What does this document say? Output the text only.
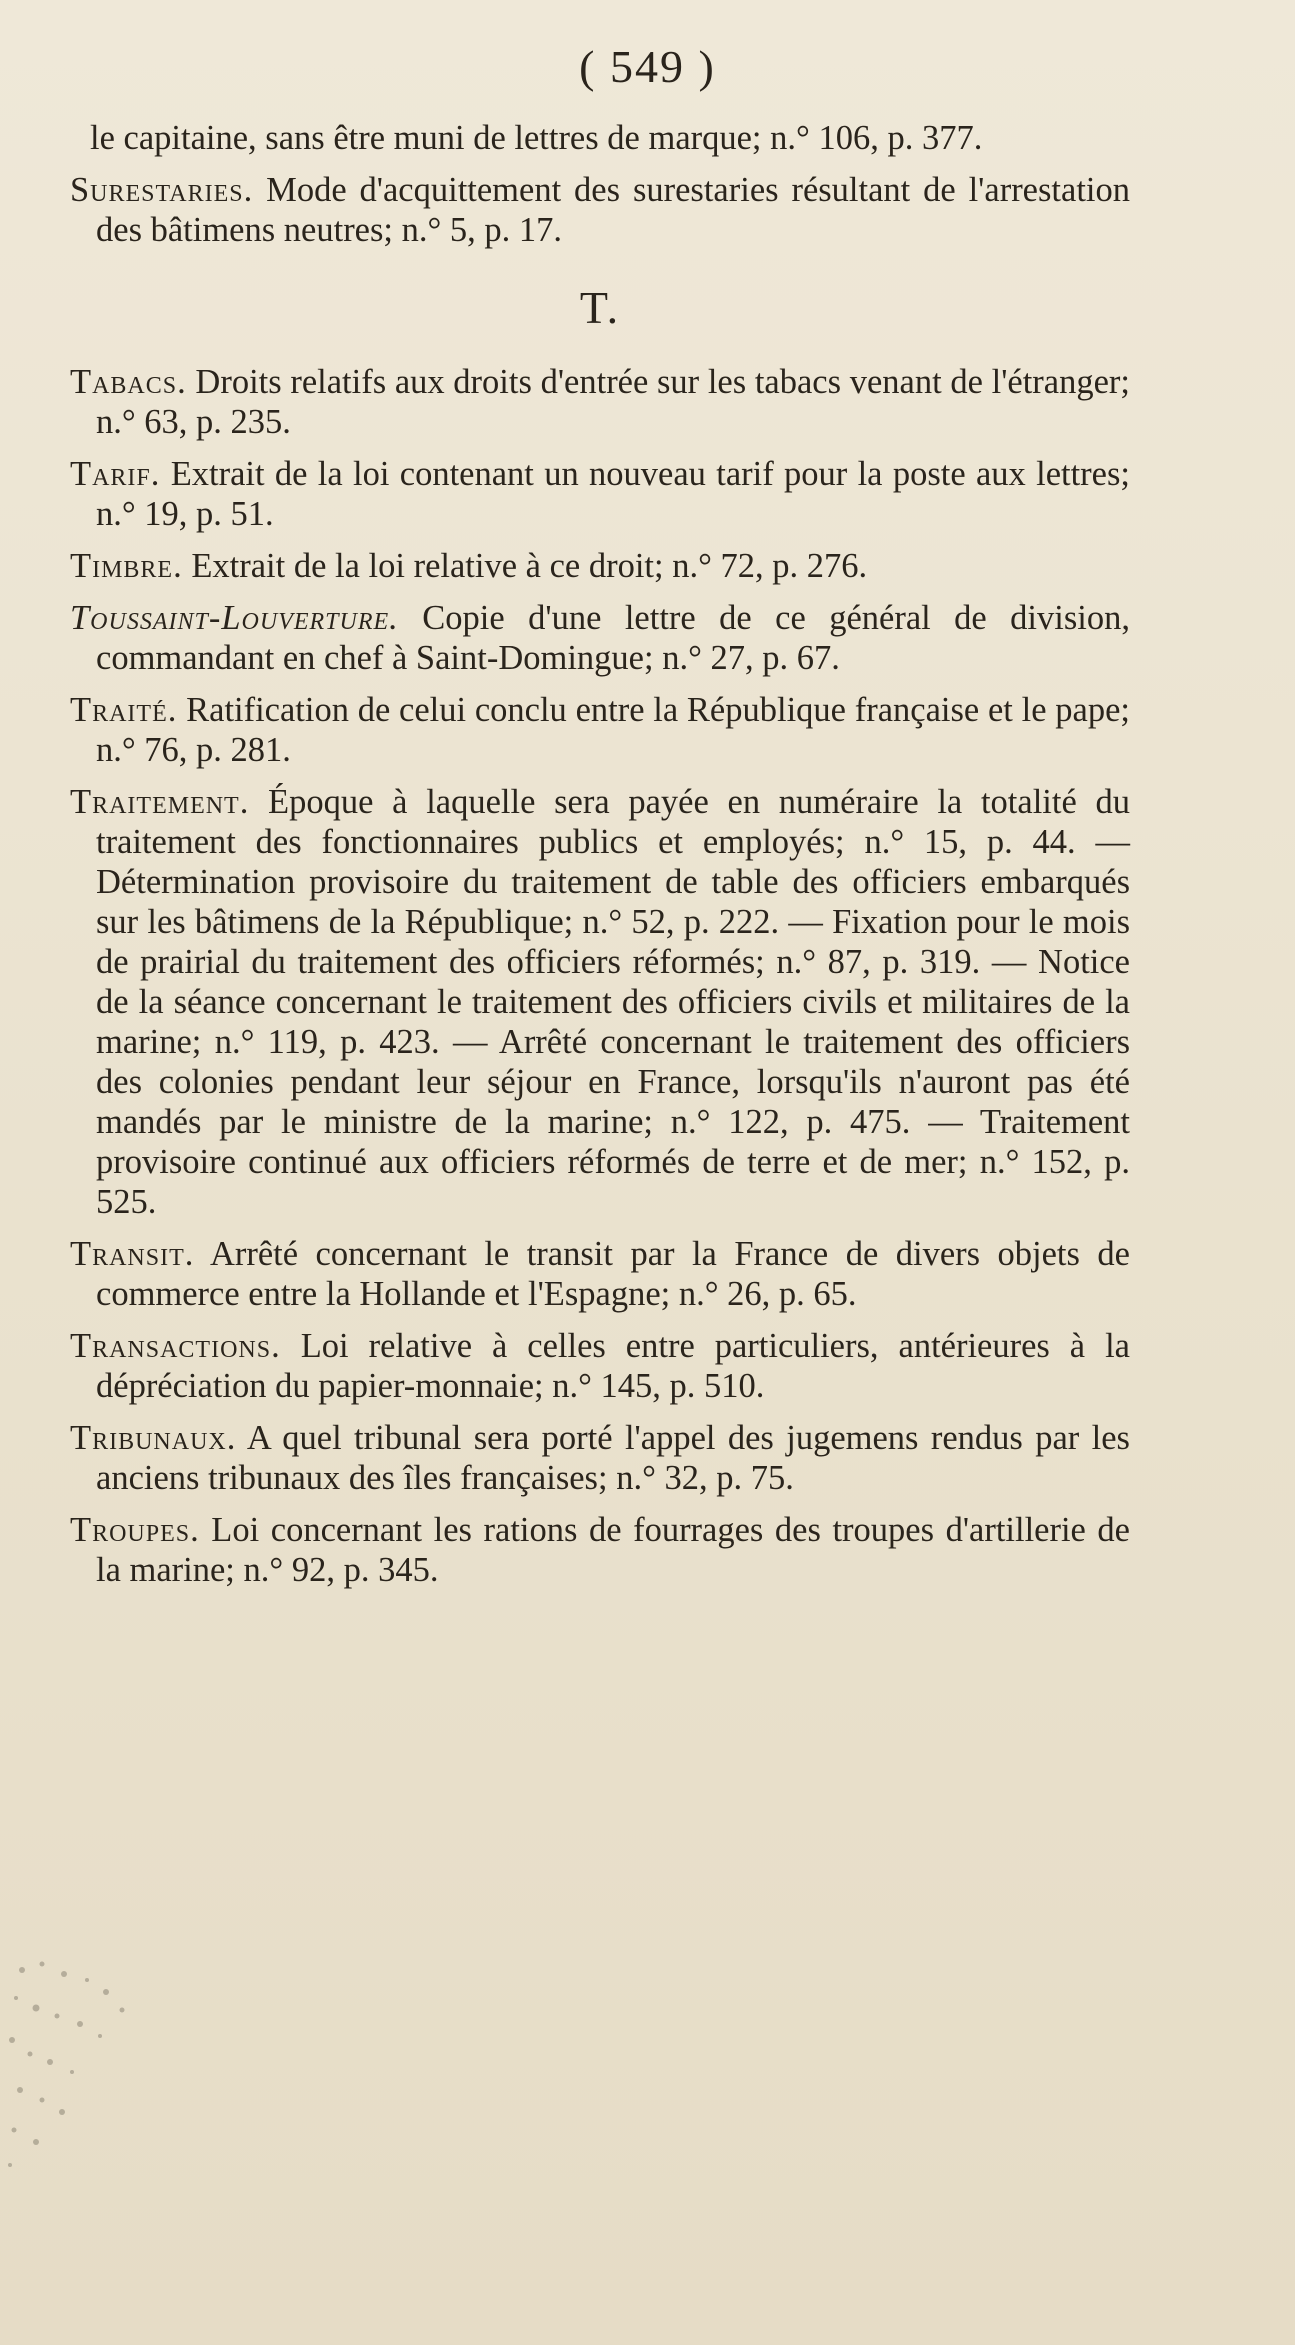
( 549 )

le capitaine, sans être muni de lettres de marque; n.° 106, p. 377.

Surestaries. Mode d'acquittement des surestaries résultant de l'arrestation des bâtimens neutres; n.° 5, p. 17.

T.

Tabacs. Droits relatifs aux droits d'entrée sur les tabacs venant de l'étranger; n.° 63, p. 235.

Tarif. Extrait de la loi contenant un nouveau tarif pour la poste aux lettres; n.° 19, p. 51.

Timbre. Extrait de la loi relative à ce droit; n.° 72, p. 276.

Toussaint-Louverture. Copie d'une lettre de ce général de division, commandant en chef à Saint-Domingue; n.° 27, p. 67.

Traité. Ratification de celui conclu entre la République française et le pape; n.° 76, p. 281.

Traitement. Époque à laquelle sera payée en numéraire la totalité du traitement des fonctionnaires publics et employés; n.° 15, p. 44. — Détermination provisoire du traitement de table des officiers embarqués sur les bâtimens de la République; n.° 52, p. 222. — Fixation pour le mois de prairial du traitement des officiers réformés; n.° 87, p. 319. — Notice de la séance concernant le traitement des officiers civils et militaires de la marine; n.° 119, p. 423. — Arrêté concernant le traitement des officiers des colonies pendant leur séjour en France, lorsqu'ils n'auront pas été mandés par le ministre de la marine; n.° 122, p. 475. — Traitement provisoire continué aux officiers réformés de terre et de mer; n.° 152, p. 525.

Transit. Arrêté concernant le transit par la France de divers objets de commerce entre la Hollande et l'Espagne; n.° 26, p. 65.

Transactions. Loi relative à celles entre particuliers, antérieures à la dépréciation du papier-monnaie; n.° 145, p. 510.

Tribunaux. A quel tribunal sera porté l'appel des jugemens rendus par les anciens tribunaux des îles françaises; n.° 32, p. 75.

Troupes. Loi concernant les rations de fourrages des troupes d'artillerie de la marine; n.° 92, p. 345.
